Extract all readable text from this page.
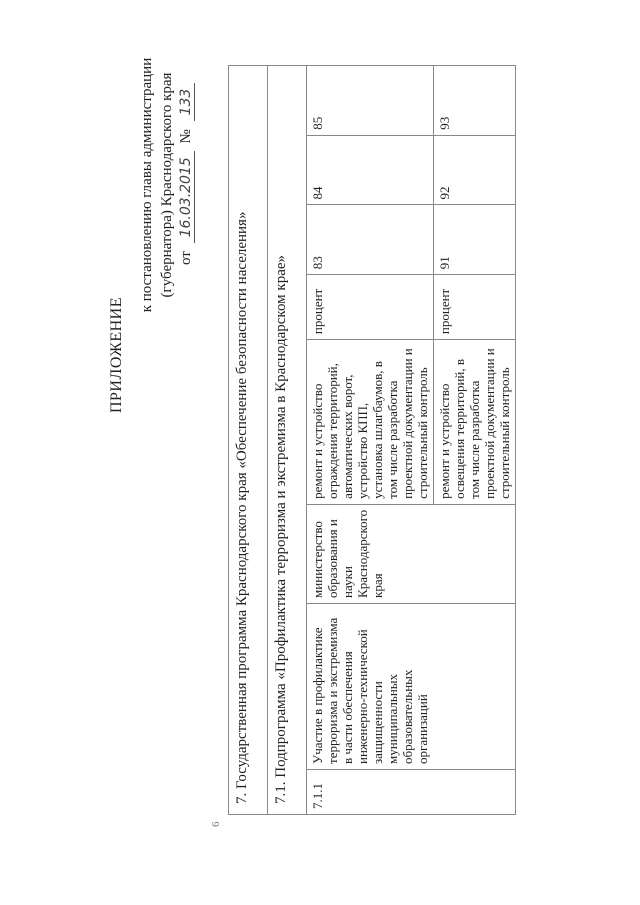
ПРИЛОЖЕНИЕ
к постановлению главы администрации (губернатора) Краснодарского края от 16.03.2015 № 133
6
7. Государственная программа Краснодарского края «Обеспечение безопасности населения»							
7.1. Подпрограмма «Профилактика терроризма и экстремизма в Краснодарском крае»							
7.1.1	Участие в профилактике терроризма и экстремизма в части обеспечения инженерно-технической защищенности муниципальных образовательных организаций	министерство образования и науки Краснодарского края	ремонт и устройство ограждения территорий, автоматических ворот, устройство КПП, установка шлагбаумов, в том числе разработка проектной документации и строительный контроль	процент	83	84	85
			ремонт и устройство освещения территорий, в том числе разработка проектной документации и строительный контроль	процент	91	92	93
